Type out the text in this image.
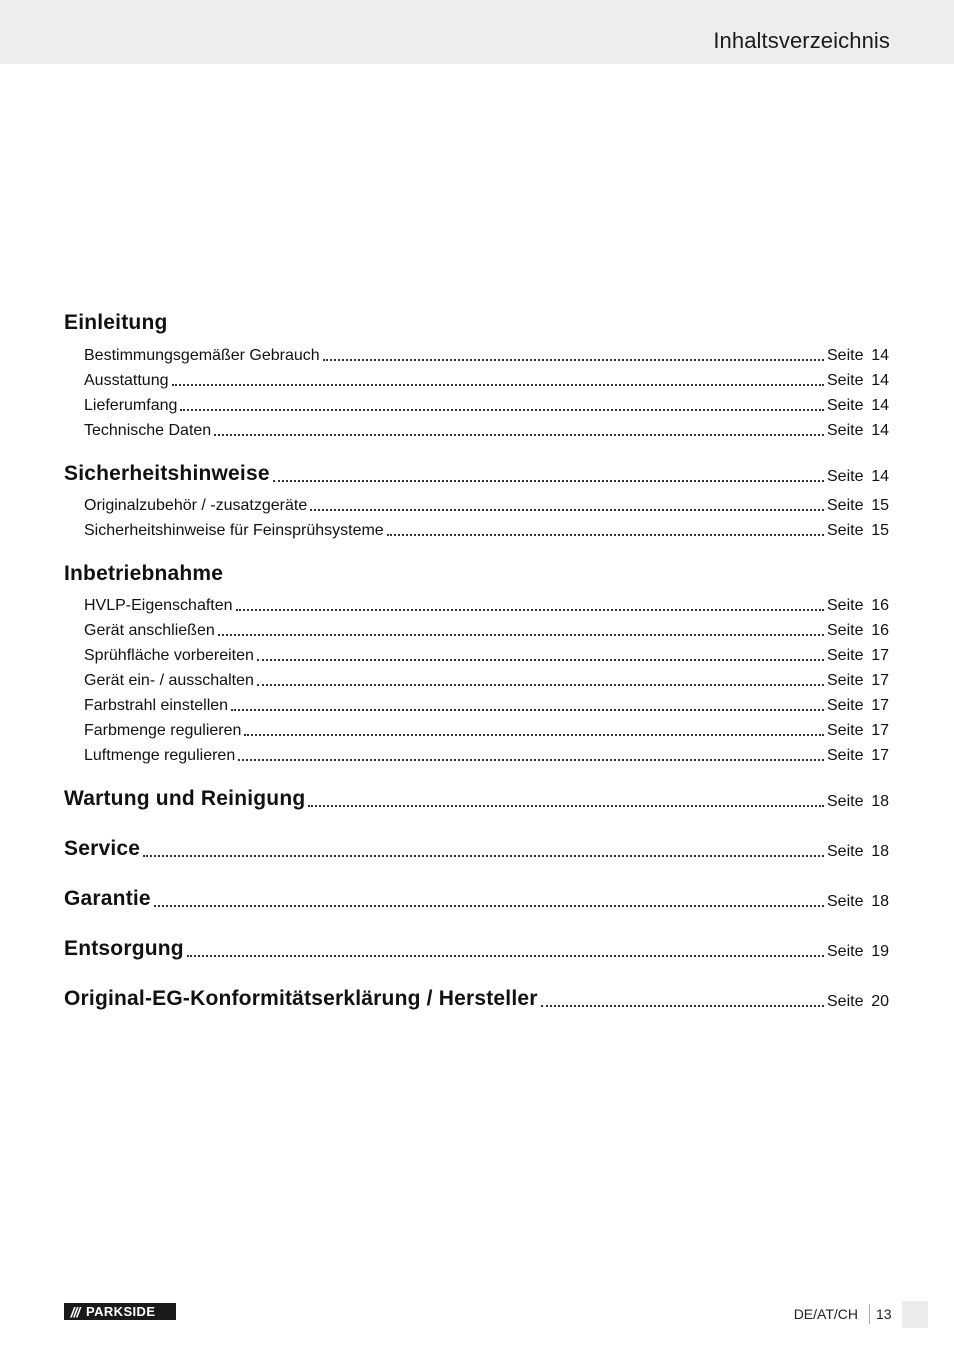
Inhaltsverzeichnis
Einleitung
Bestimmungsgemäßer Gebrauch	Seite 14
Ausstattung	Seite 14
Lieferumfang	Seite 14
Technische Daten	Seite 14
Sicherheitshinweise	Seite 14
Originalzubehör / -zusatzgeräte	Seite 15
Sicherheitshinweise für Feinsprühsysteme	Seite 15
Inbetriebnahme
HVLP-Eigenschaften	Seite 16
Gerät anschließen	Seite 16
Sprühfläche vorbereiten	Seite 17
Gerät ein- / ausschalten	Seite 17
Farbstrahl einstellen	Seite 17
Farbmenge regulieren	Seite 17
Luftmenge regulieren	Seite 17
Wartung und Reinigung	Seite 18
Service	Seite 18
Garantie	Seite 18
Entsorgung	Seite 19
Original-EG-Konformitätserklärung / Hersteller	Seite 20
/// PARKSIDE	DE/AT/CH 13
